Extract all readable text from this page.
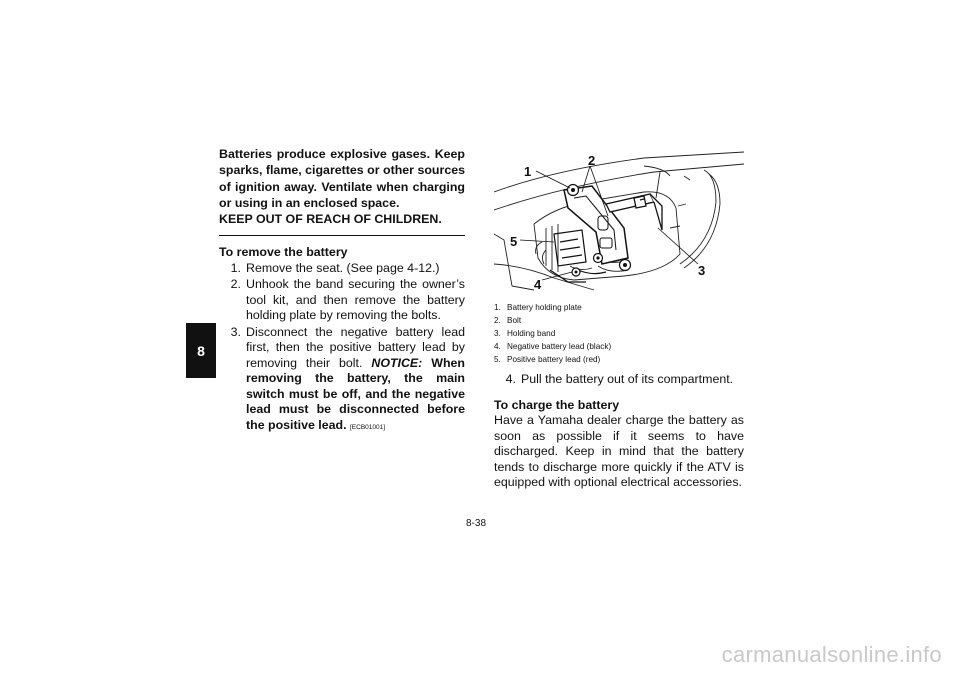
8

Batteries produce explosive gases. Keep sparks, flame, cigarettes or other sources of ignition away. Ventilate when charging or using in an enclosed space.

KEEP OUT OF REACH OF CHILDREN.

To remove the battery
1. Remove the seat. (See page 4-12.)
2. Unhook the band securing the owner’s tool kit, and then remove the battery holding plate by removing the bolts.
3. Disconnect the negative battery lead first, then the positive battery lead by removing their bolt. NOTICE: When removing the battery, the main switch must be off, and the negative lead must be disconnected before the positive lead. [ECB01001]
1
2
3
4
5
1. Battery holding plate
2. Bolt
3. Holding band
4. Negative battery lead (black)
5. Positive battery lead (red)
4. Pull the battery out of its compartment.
To charge the battery

Have a Yamaha dealer charge the battery as soon as possible if it seems to have discharged. Keep in mind that the battery tends to discharge more quickly if the ATV is equipped with optional electrical accessories.

8-38
carmanualsonline.info
